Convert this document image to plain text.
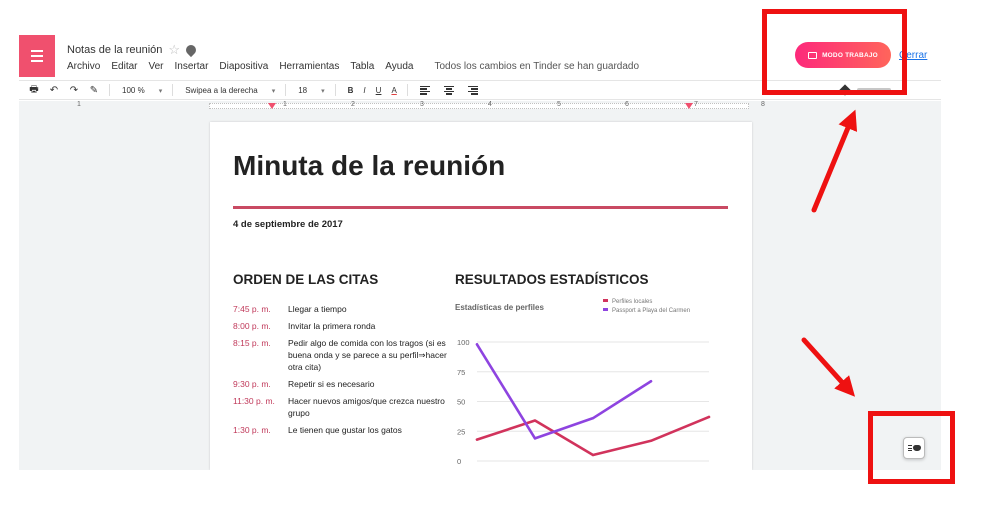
Notas de la reunión ☆
Archivo Editar Ver Insertar Diapositiva Herramientas Tabla Ayuda Todos los cambios en Tinder se han guardado
MODO TRABAJO Cerrar
🖶 ↶ ↷ ✎	100 % ▾	Swipea a la derecha ▾	18 ▾	B I U A
1	1	2	3	4	5	6	7	8
Minuta de la reunión
4 de septiembre de 2017
ORDEN DE LAS CITAS
7:45 p. m.	Llegar a tiempo
8:00 p. m.	Invitar la primera ronda
8:15 p. m.	Pedir algo de comida con los tragos (si es buena onda y se parece a su perfil⇒hacer otra cita)
9:30 p. m.	Repetir si es necesario
11:30 p. m.	Hacer nuevos amigos/que crezca nuestro grupo
1:30 p. m.	Le tienen que gustar los gatos
RESULTADOS ESTADÍSTICOS
Estadísticas de perfiles
0
25
50
75
100
Perfiles locales
Passport a Playa del Carmen
